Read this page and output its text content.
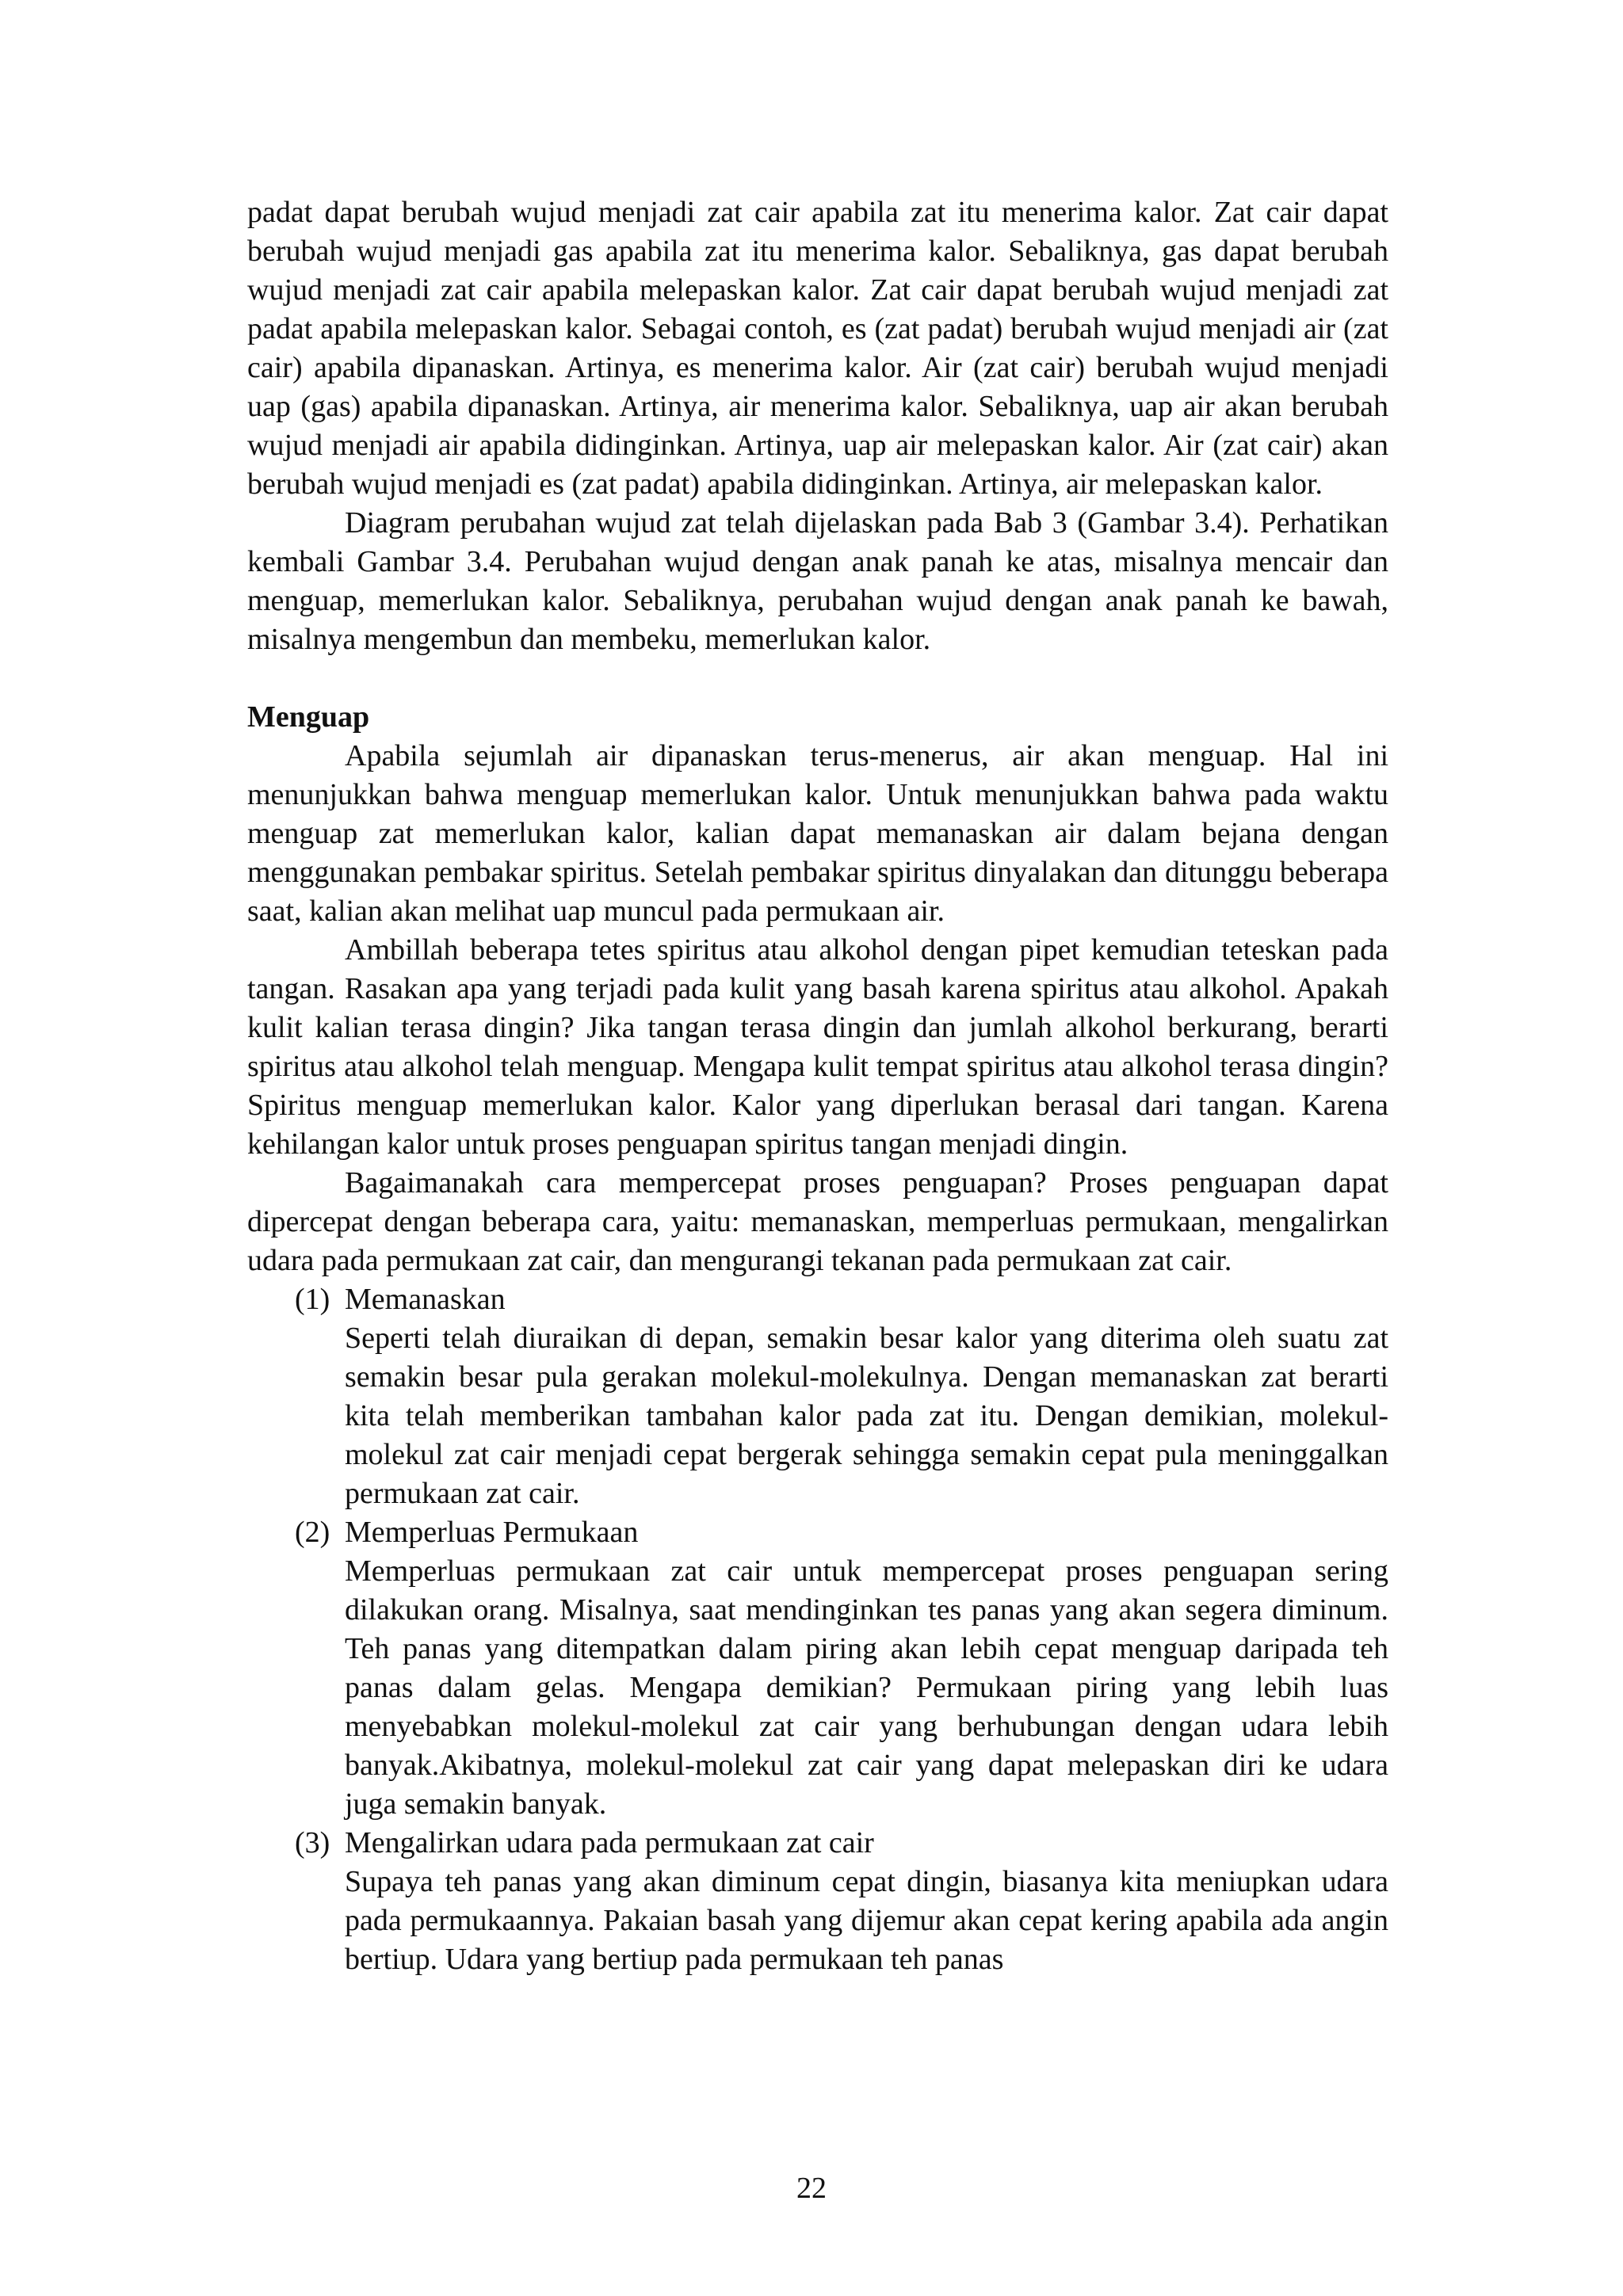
padat dapat berubah wujud menjadi zat cair apabila zat itu menerima kalor. Zat cair dapat berubah wujud menjadi gas apabila zat itu menerima kalor. Sebaliknya, gas dapat berubah wujud menjadi zat cair apabila melepaskan kalor. Zat cair dapat berubah wujud menjadi zat padat apabila melepaskan kalor. Sebagai contoh, es (zat padat) berubah wujud menjadi air (zat cair) apabila dipanaskan. Artinya, es menerima kalor. Air (zat cair) berubah wujud menjadi uap (gas) apabila dipanaskan. Artinya, air menerima kalor. Sebaliknya, uap air akan berubah wujud menjadi air apabila didinginkan. Artinya, uap air melepaskan kalor. Air (zat cair) akan berubah wujud menjadi es (zat padat) apabila didinginkan. Artinya, air melepaskan kalor.

Diagram perubahan wujud zat telah dijelaskan pada Bab 3 (Gambar 3.4). Perhatikan kembali Gambar 3.4. Perubahan wujud dengan anak panah ke atas, misalnya mencair dan menguap, memerlukan kalor. Sebaliknya, perubahan wujud dengan anak panah ke bawah, misalnya mengembun dan membeku, memerlukan kalor.

Menguap

Apabila sejumlah air dipanaskan terus-menerus, air akan menguap. Hal ini menunjukkan bahwa menguap memerlukan kalor. Untuk menunjukkan bahwa pada waktu menguap zat memerlukan kalor, kalian dapat memanaskan air dalam bejana dengan menggunakan pembakar spiritus. Setelah pembakar spiritus dinyalakan dan ditunggu beberapa saat, kalian akan melihat uap muncul pada permukaan air.

Ambillah beberapa tetes spiritus atau alkohol dengan pipet kemudian teteskan pada tangan. Rasakan apa yang terjadi pada kulit yang basah karena spiritus atau alkohol. Apakah kulit kalian terasa dingin? Jika tangan terasa dingin dan jumlah alkohol berkurang, berarti spiritus atau alkohol telah menguap. Mengapa kulit tempat spiritus atau alkohol terasa dingin? Spiritus menguap memerlukan kalor. Kalor yang diperlukan berasal dari tangan. Karena kehilangan kalor untuk proses penguapan spiritus tangan menjadi dingin.

Bagaimanakah cara mempercepat proses penguapan? Proses penguapan dapat dipercepat dengan beberapa cara, yaitu: memanaskan, memperluas permukaan, mengalirkan udara pada permukaan zat cair, dan mengurangi tekanan pada permukaan zat cair.

(1) Memanaskan

Seperti telah diuraikan di depan, semakin besar kalor yang diterima oleh suatu zat semakin besar pula gerakan molekul-molekulnya. Dengan memanaskan zat berarti kita telah memberikan tambahan kalor pada zat itu. Dengan demikian, molekul-molekul zat cair menjadi cepat bergerak sehingga semakin cepat pula meninggalkan permukaan zat cair.

(2) Memperluas Permukaan

Memperluas permukaan zat cair untuk mempercepat proses penguapan sering dilakukan orang. Misalnya, saat mendinginkan tes panas yang akan segera diminum. Teh panas yang ditempatkan dalam piring akan lebih cepat menguap daripada teh panas dalam gelas. Mengapa demikian? Permukaan piring yang lebih luas menyebabkan molekul-molekul zat cair yang berhubungan dengan udara lebih banyak.Akibatnya, molekul-molekul zat cair yang dapat melepaskan diri ke udara juga semakin banyak.

(3) Mengalirkan udara pada permukaan zat cair

Supaya teh panas yang akan diminum cepat dingin, biasanya kita meniupkan udara pada permukaannya. Pakaian basah yang dijemur akan cepat kering apabila ada angin bertiup. Udara yang bertiup pada permukaan teh panas

22
